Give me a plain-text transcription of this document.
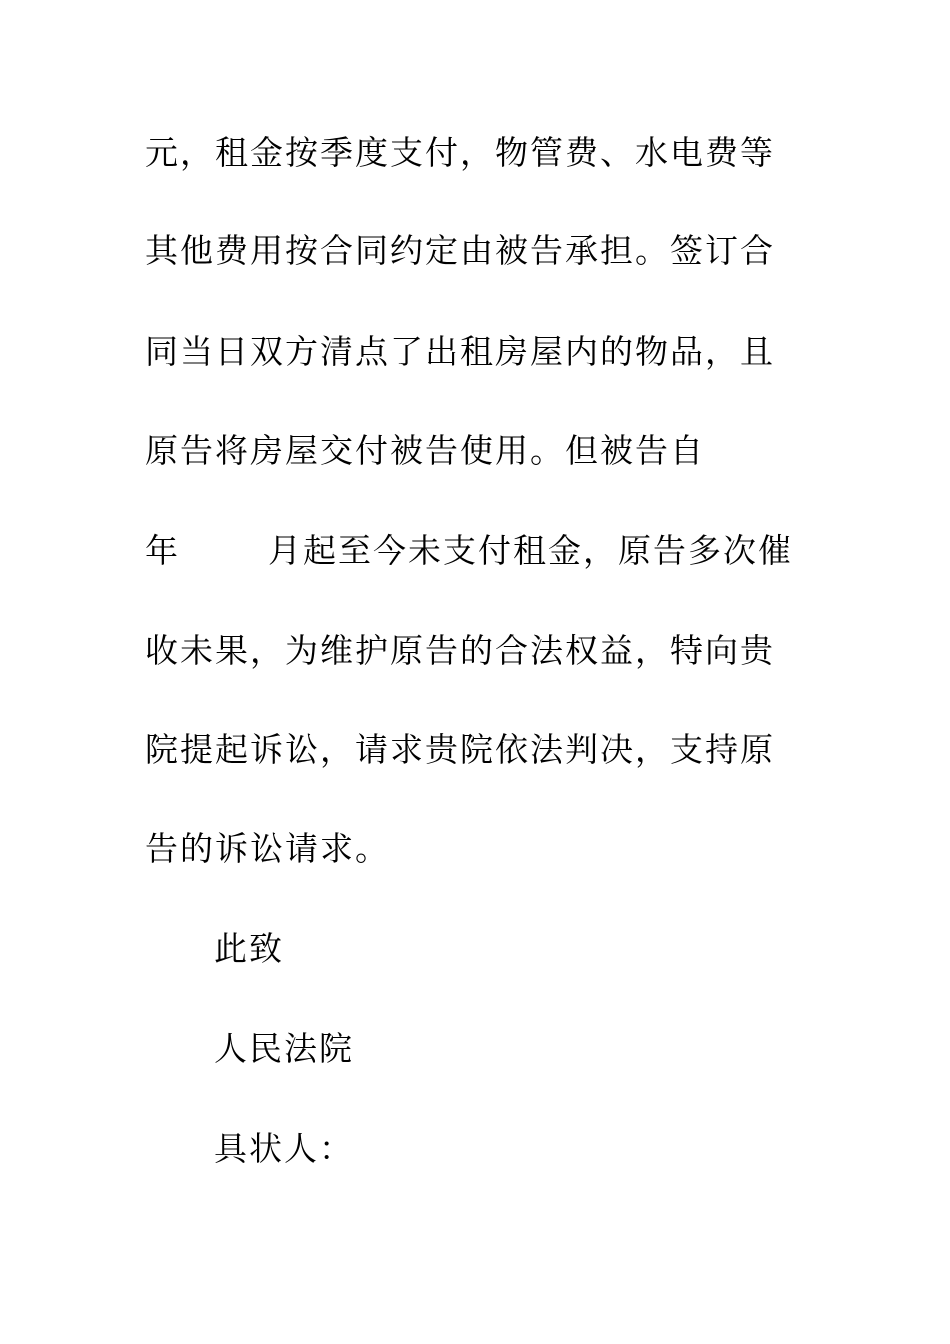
元，租金按季度支付，物管费、水电费等
其他费用按合同约定由被告承担。签订合
同当日双方清点了出租房屋内的物品，且
原告将房屋交付被告使用。但被告自
年	月起至今未支付租金，原告多次催
收未果，为维护原告的合法权益，特向贵
院提起诉讼，请求贵院依法判决，支持原
告的诉讼请求。
此致
人民法院
具状人：
